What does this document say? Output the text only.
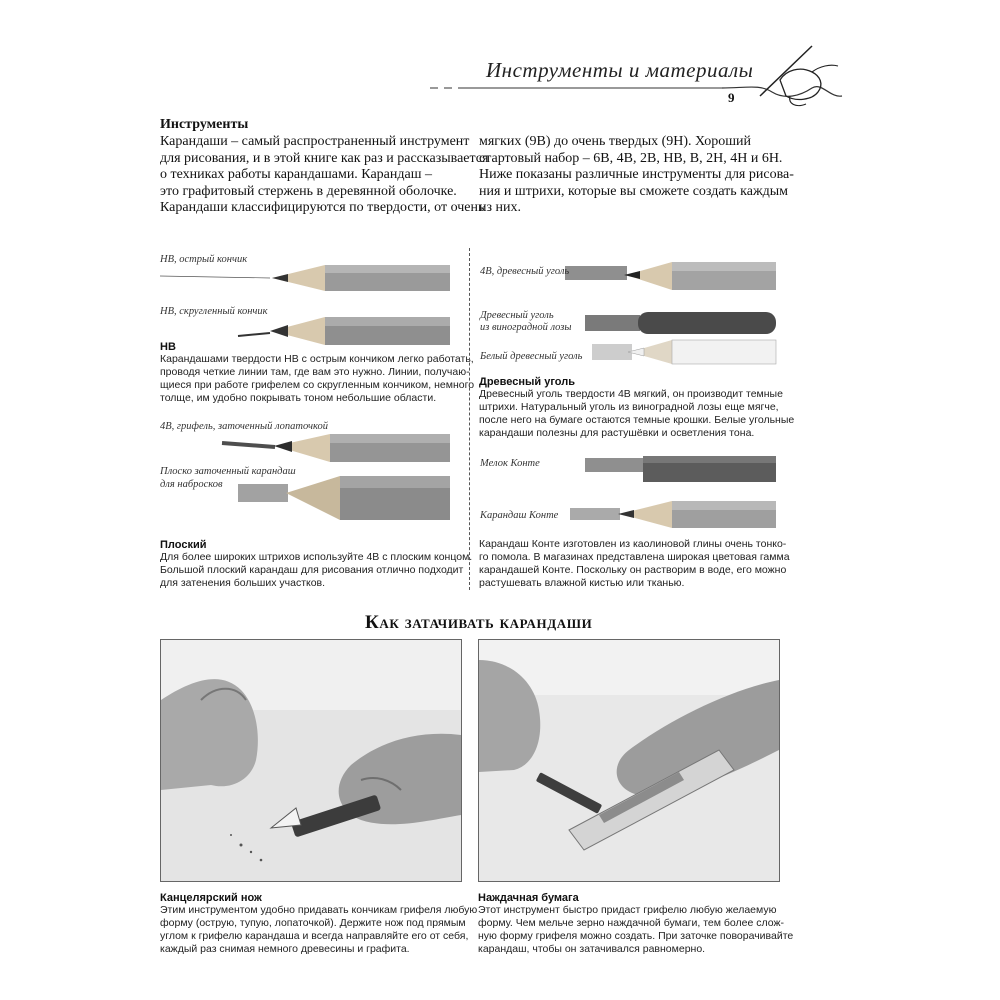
Инструменты и материалы
9
Инструменты
Карандаши – самый распространенный инструмент
для рисования, и в этой книге как раз и рассказывается
о техниках работы карандашами. Карандаш –
это графитовый стержень в деревянной оболочке.
Карандаши классифицируются по твердости, от очень
мягких (9B) до очень твердых (9H). Хороший
стартовый набор – 6B, 4B, 2B, HB, B, 2H, 4H и 6H.
Ниже показаны различные инструменты для рисова-
ния и штрихи, которые вы сможете создать каждым
из них.
HB, острый кончик
HB, скругленный кончик
HB
Карандашами твердости HB с острым кончиком легко работать,
проводя четкие линии там, где вам это нужно. Линии, получаю-
щиеся при работе грифелем со скругленным кончиком, немного
толще, им удобно покрывать тоном небольшие области.
4B, грифель, заточенный лопаточкой
Плоско заточенный карандаш
для набросков
Плоский
Для более широких штрихов используйте 4B с плоским концом.
Большой плоский карандаш для рисования отлично подходит
для затенения больших участков.
4B, древесный уголь
Древесный уголь
из виноградной лозы
Белый древесный уголь
Древесный уголь
Древесный уголь твердости 4B мягкий, он производит темные
штрихи. Натуральный уголь из виноградной лозы еще мягче,
после него на бумаге остаются темные крошки. Белые угольные
карандаши полезны для растушёвки и осветления тона.
Мелок Конте
Карандаш Конте
Карандаш Конте изготовлен из каолиновой глины очень тонко-
го помола. В магазинах представлена широкая цветовая гамма
карандашей Конте. Поскольку он растворим в воде, его можно
растушевать влажной кистью или тканью.
Как затачивать карандаши
Канцелярский нож
Этим инструментом удобно придавать кончикам грифеля любую
форму (острую, тупую, лопаточкой). Держите нож под прямым
углом к грифелю карандаша и всегда направляйте его от себя,
каждый раз снимая немного древесины и графита.
Наждачная бумага
Этот инструмент быстро придаст грифелю любую желаемую
форму. Чем мельче зерно наждачной бумаги, тем более слож-
ную форму грифеля можно создать. При заточке поворачивайте
карандаш, чтобы он затачивался равномерно.
